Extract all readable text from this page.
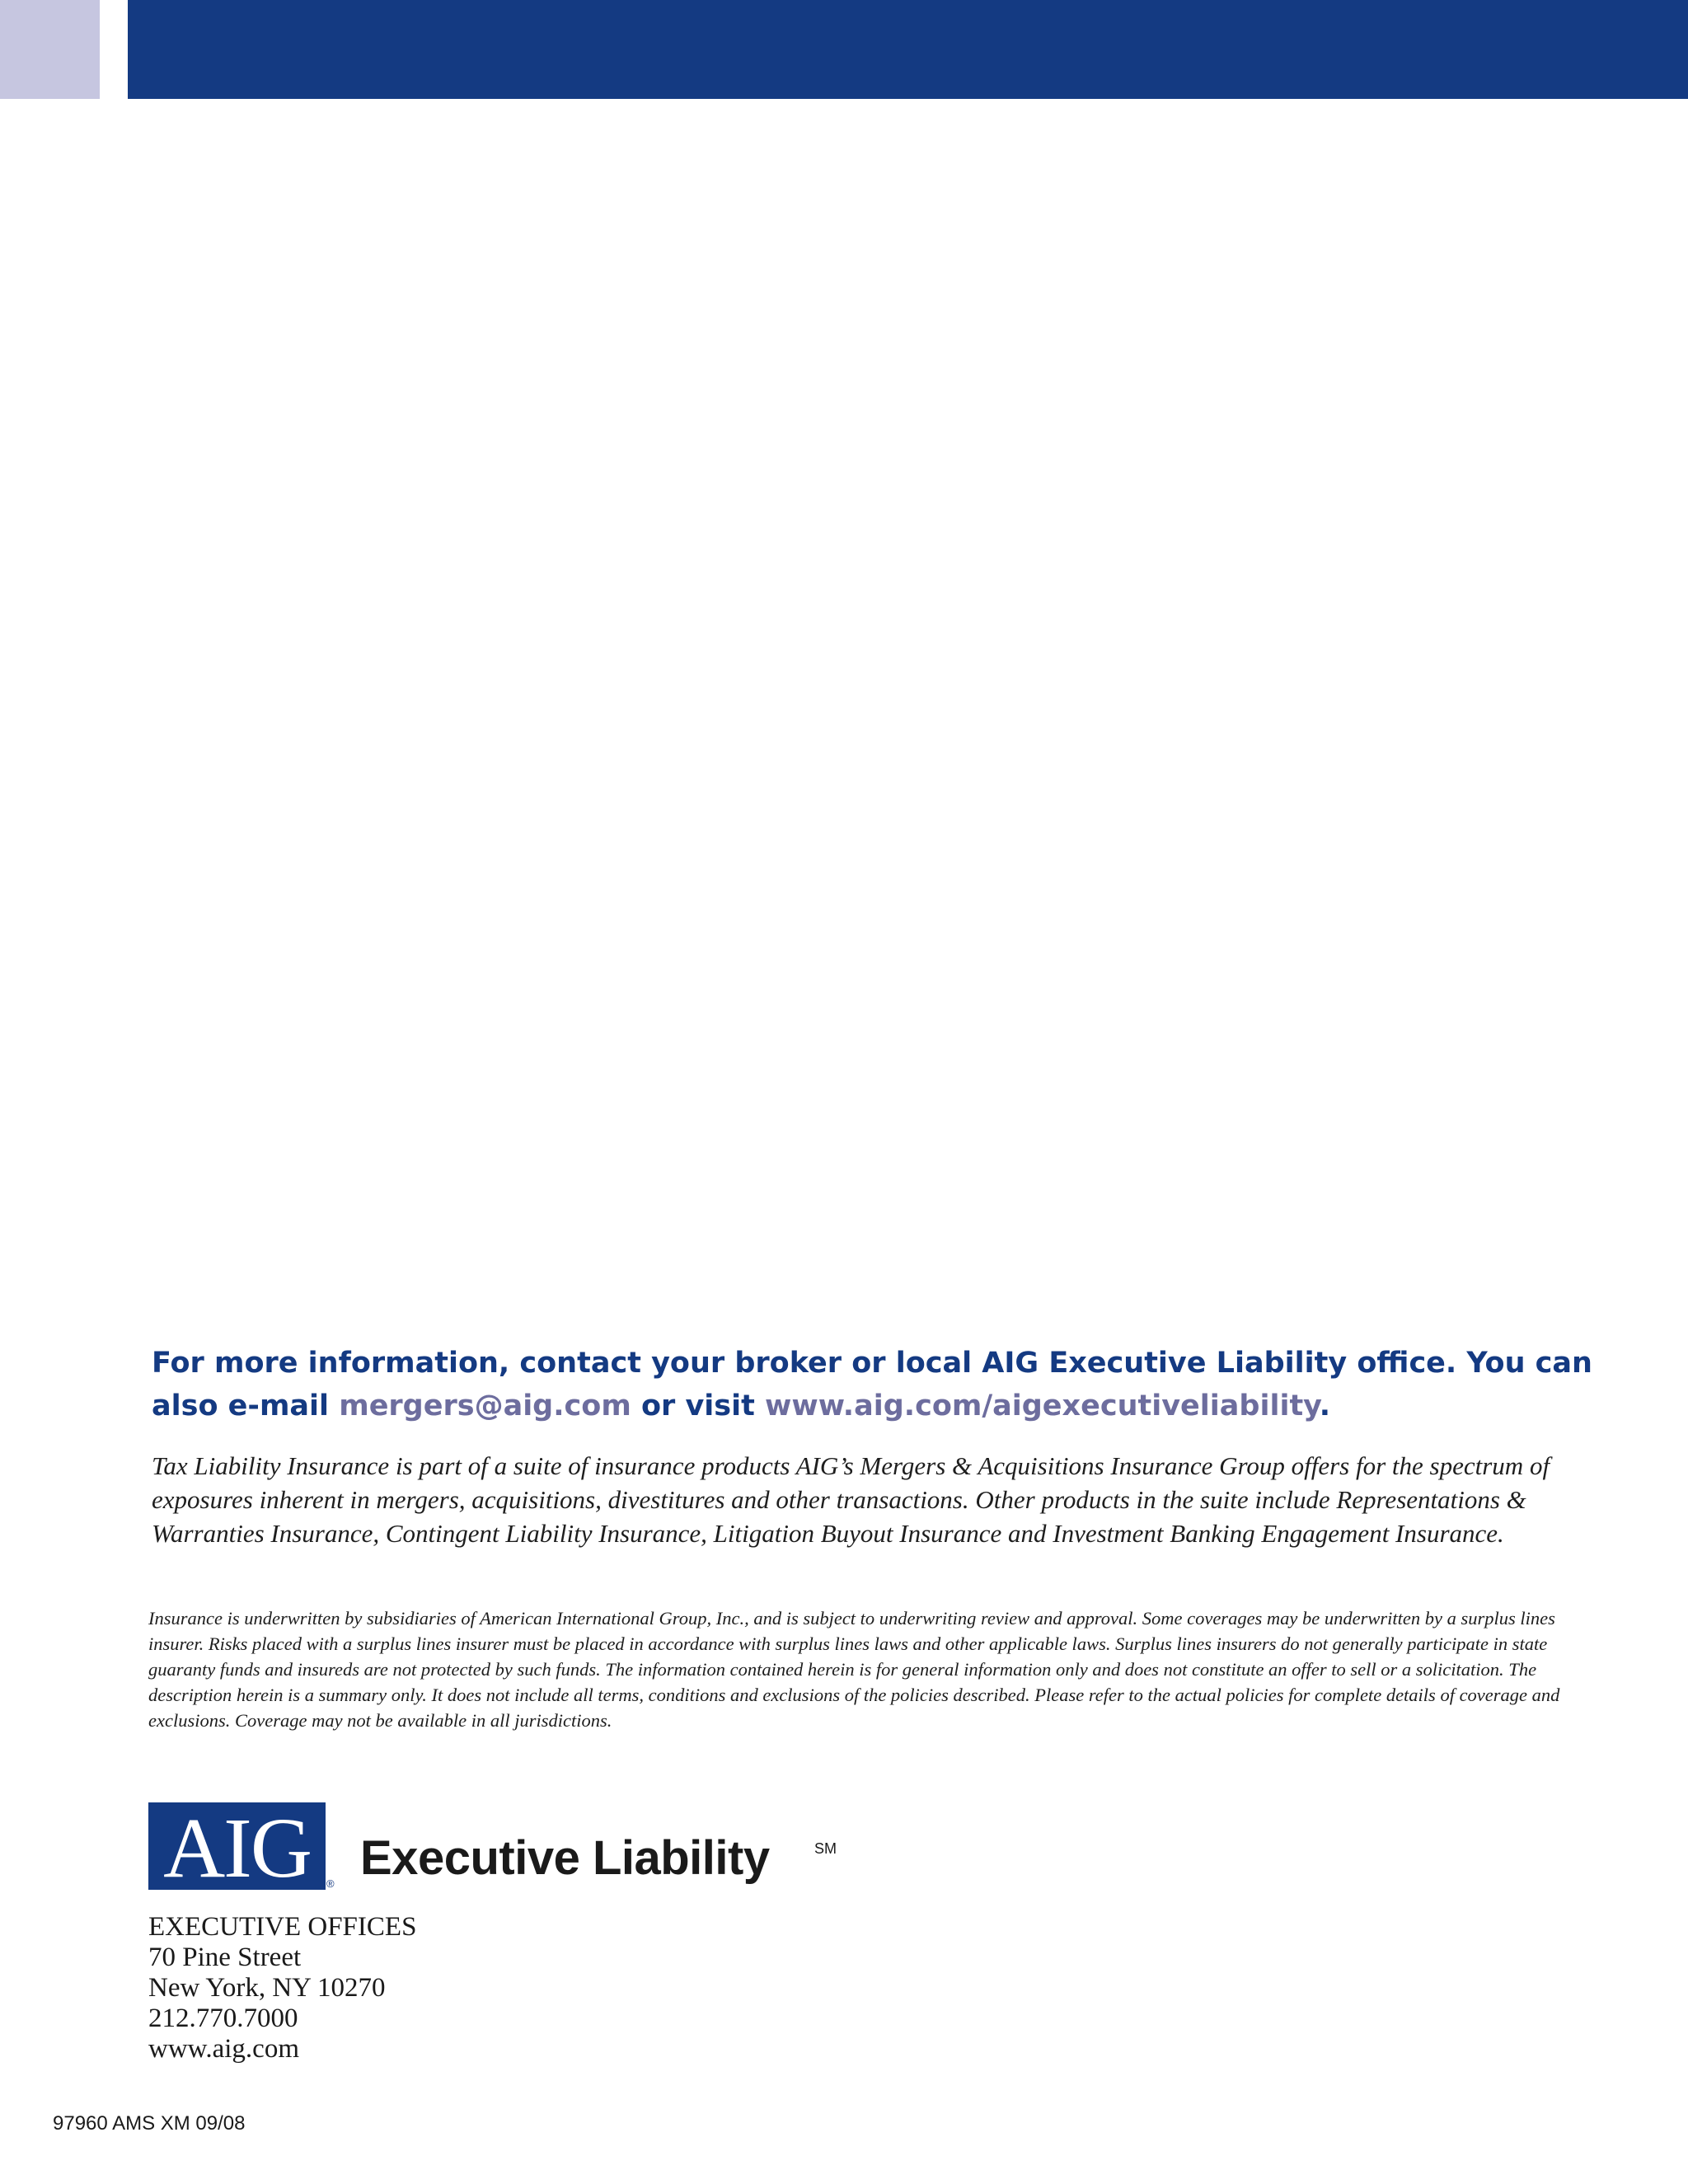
For more information, contact your broker or local AIG Executive Liability office. You can also e-mail mergers@aig.com or visit www.aig.com/aigexecutiveliability.
Tax Liability Insurance is part of a suite of insurance products AIG’s Mergers & Acquisitions Insurance Group offers for the spectrum of exposures inherent in mergers, acquisitions, divestitures and other transactions. Other products in the suite include Representations & Warranties Insurance, Contingent Liability Insurance, Litigation Buyout Insurance and Investment Banking Engagement Insurance.
Insurance is underwritten by subsidiaries of American International Group, Inc., and is subject to underwriting review and approval. Some coverages may be underwritten by a surplus lines insurer. Risks placed with a surplus lines insurer must be placed in accordance with surplus lines laws and other applicable laws. Surplus lines insurers do not generally participate in state guaranty funds and insureds are not protected by such funds. The information contained herein is for general information only and does not constitute an offer to sell or a solicitation. The description herein is a summary only. It does not include all terms, conditions and exclusions of the policies described. Please refer to the actual policies for complete details of coverage and exclusions. Coverage may not be available in all jurisdictions.
AIG ® Executive Liability	SM
EXECUTIVE OFFICES
70 Pine Street
New York, NY 10270
212.770.7000
www.aig.com
97960 AMS XM 09/08
